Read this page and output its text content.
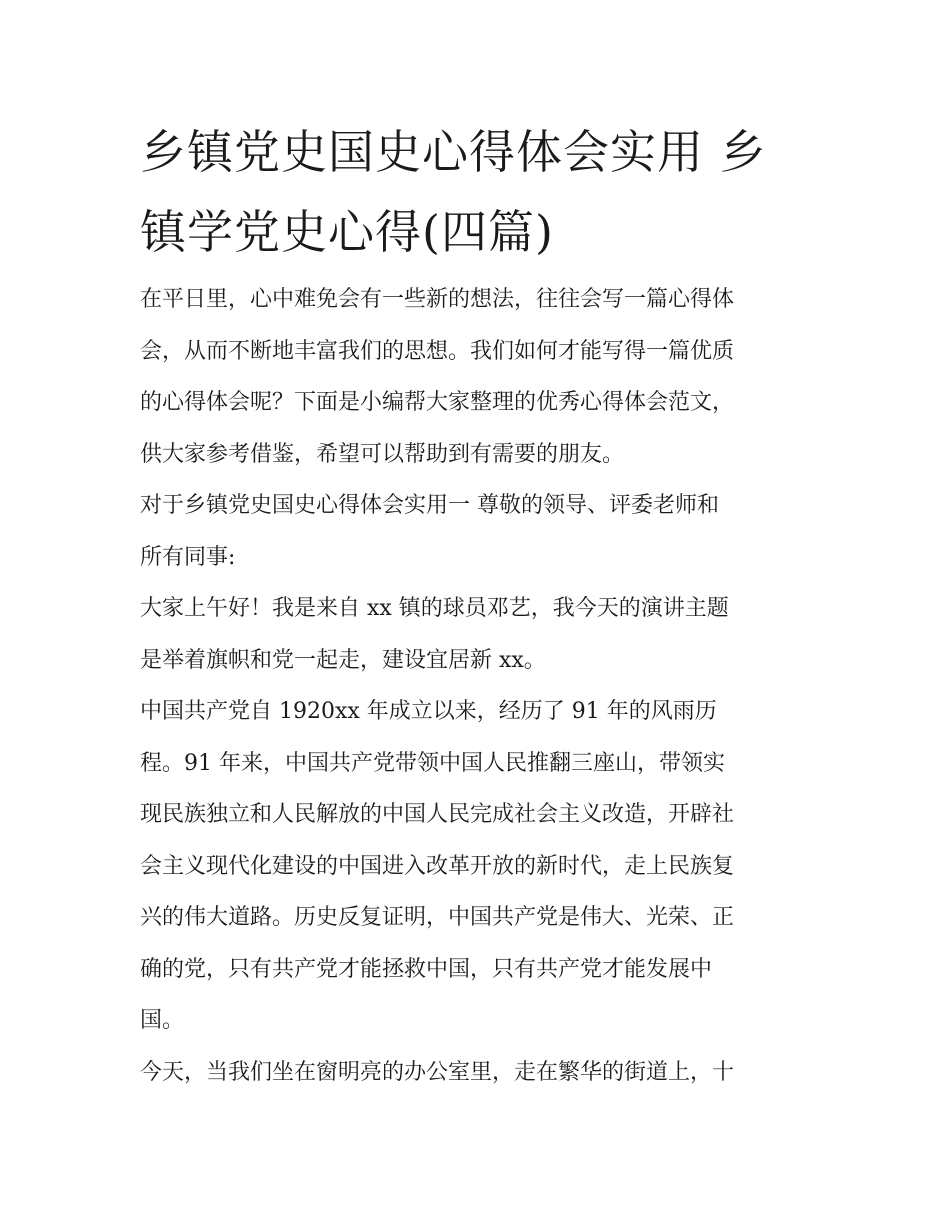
乡镇党史国史心得体会实用 乡
镇学党史心得(四篇)
在平日里，心中难免会有一些新的想法，往往会写一篇心得体
会，从而不断地丰富我们的思想。我们如何才能写得一篇优质
的心得体会呢？下面是小编帮大家整理的优秀心得体会范文，
供大家参考借鉴，希望可以帮助到有需要的朋友。
对于乡镇党史国史心得体会实用一 尊敬的领导、评委老师和
所有同事:
大家上午好！我是来自 xx 镇的球员邓艺，我今天的演讲主题
是举着旗帜和党一起走，建设宜居新 xx。
中国共产党自 1920xx 年成立以来，经历了 91 年的风雨历
程。91 年来，中国共产党带领中国人民推翻三座山，带领实
现民族独立和人民解放的中国人民完成社会主义改造，开辟社
会主义现代化建设的中国进入改革开放的新时代，走上民族复
兴的伟大道路。历史反复证明，中国共产党是伟大、光荣、正
确的党，只有共产党才能拯救中国，只有共产党才能发展中
国。
今天，当我们坐在窗明亮的办公室里，走在繁华的街道上，十
